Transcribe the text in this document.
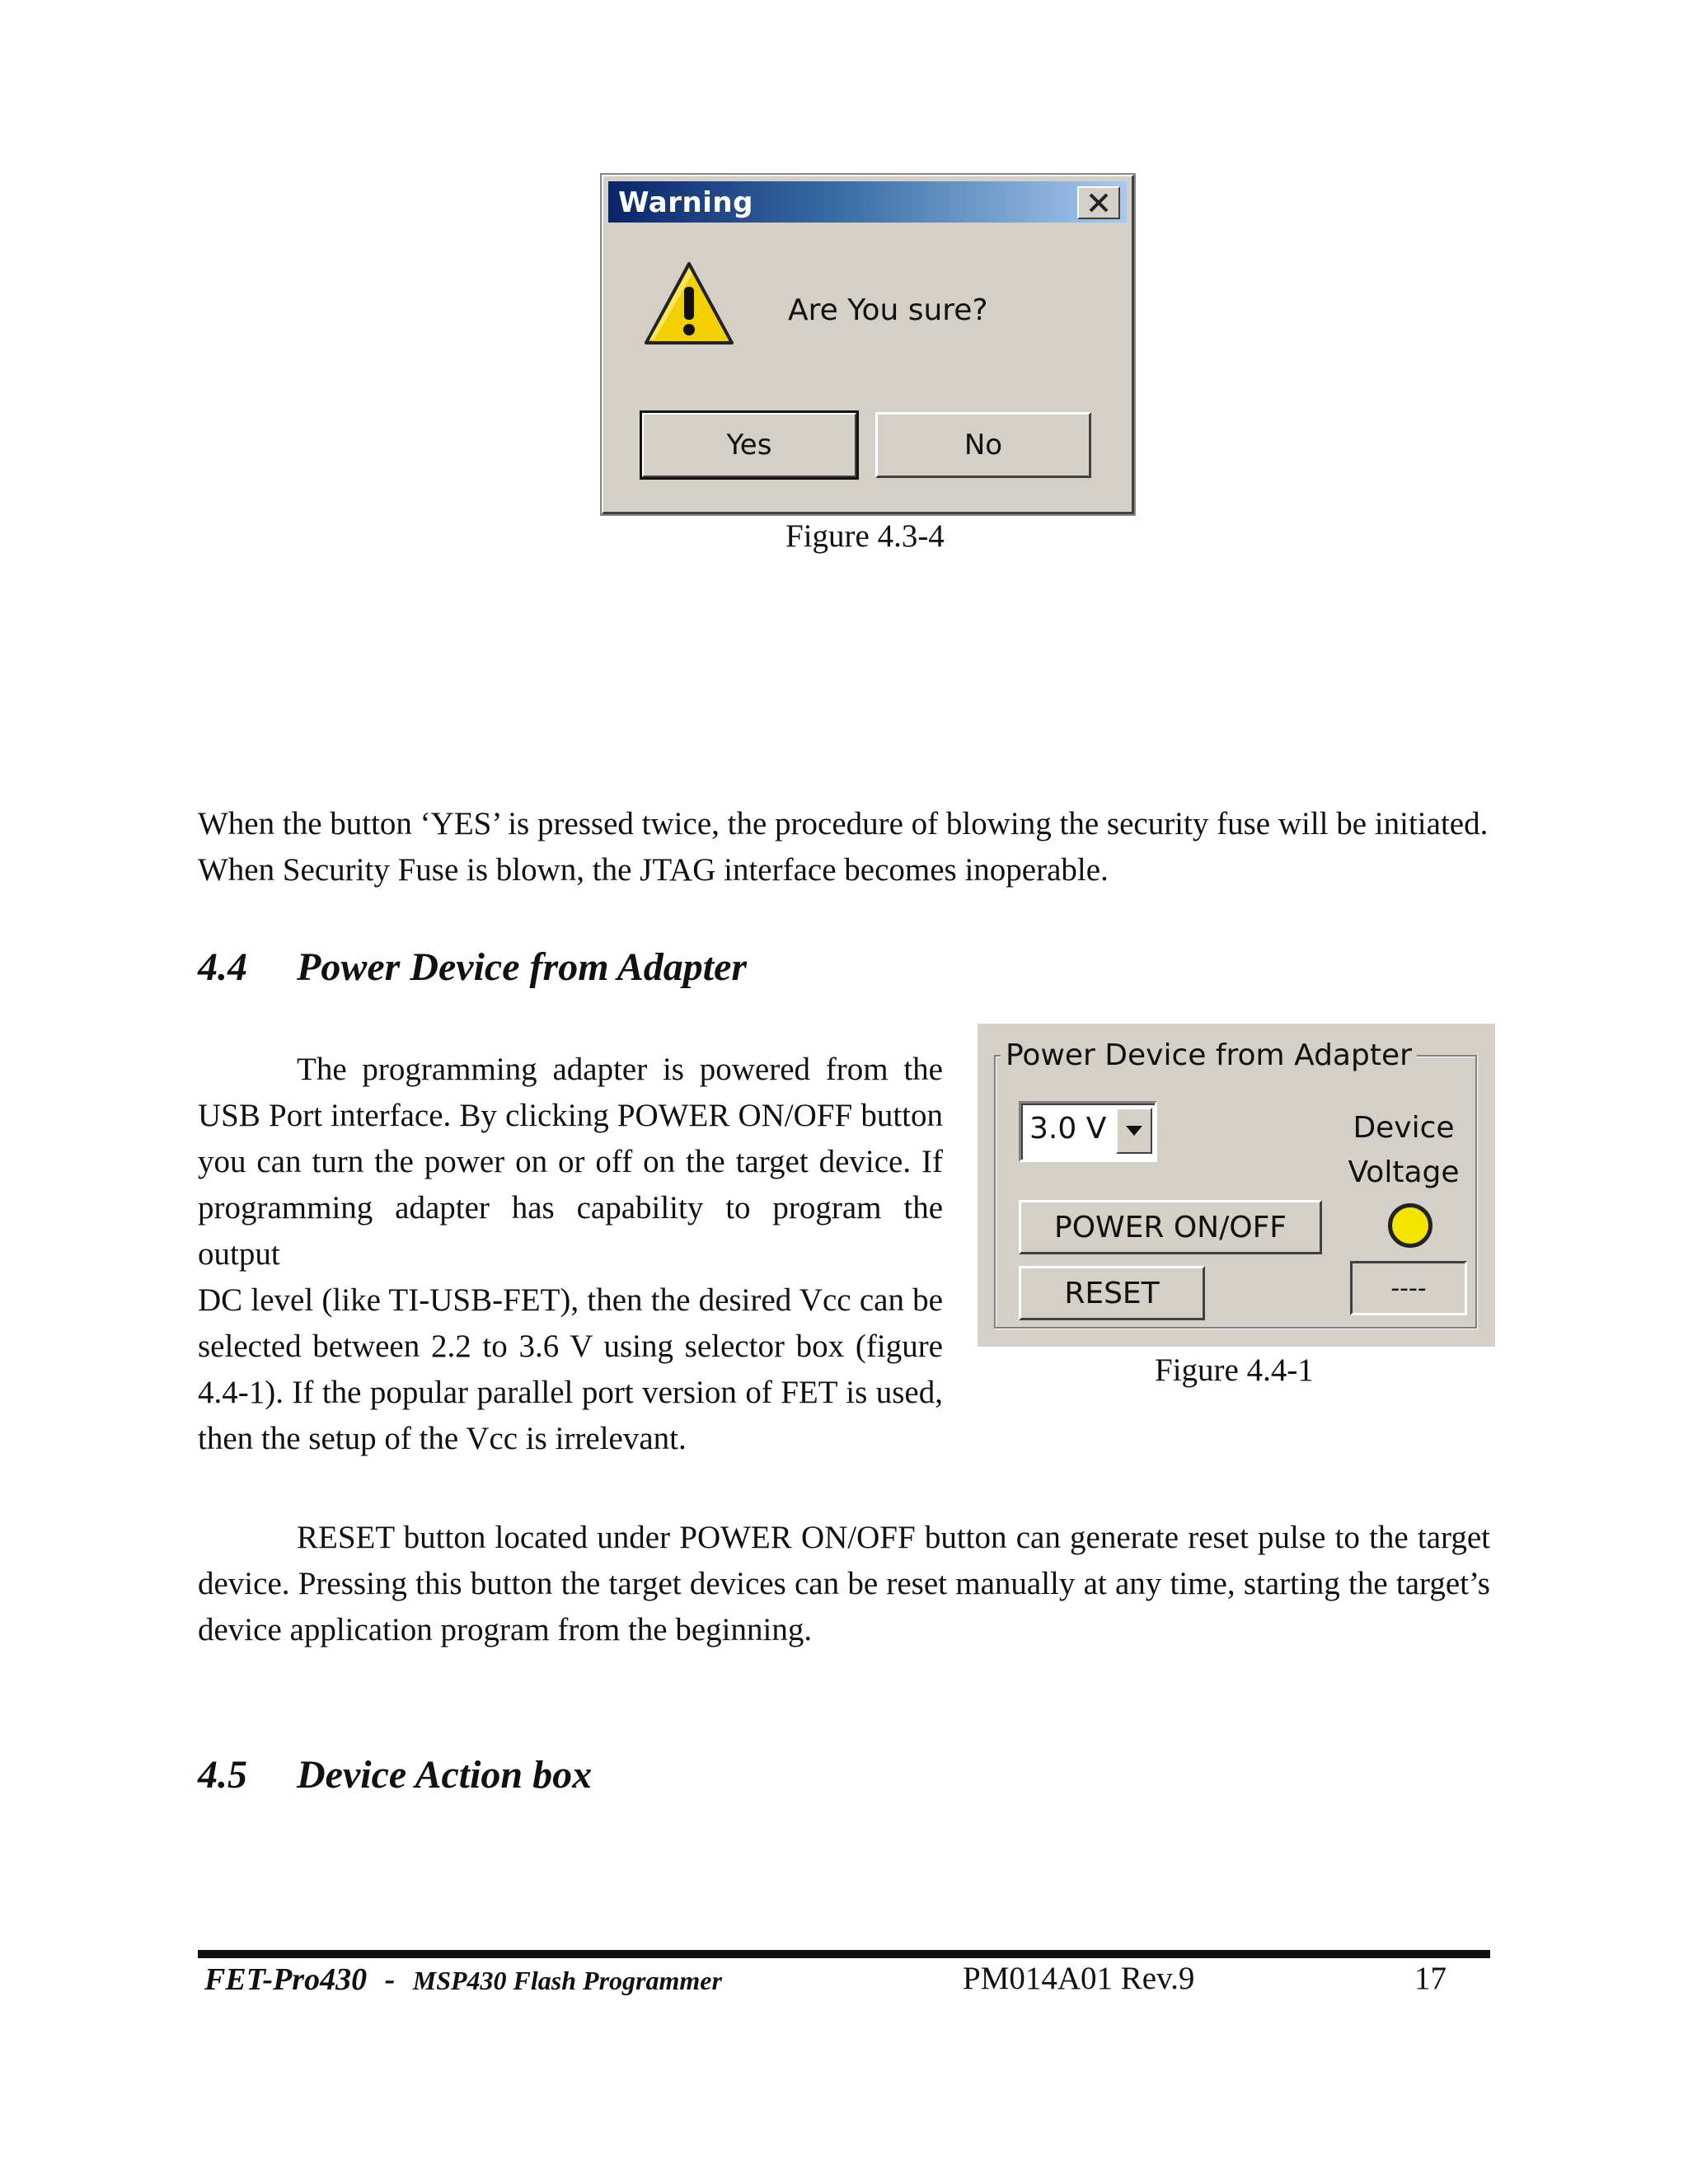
Warning
Are You sure?
Yes	No
Figure 4.3-4
When the button ‘YES’ is pressed twice, the procedure of blowing the security fuse will be initiated.
When Security Fuse is blown, the JTAG interface becomes inoperable.
4.4 Power Device from Adapter
The programming adapter is powered from the
USB Port interface. By clicking POWER ON/OFF button
you can turn the power on or off on the target device. If
programming adapter has capability to program the output
DC level (like TI-USB-FET), then the desired Vcc can be
selected between 2.2 to 3.6 V using selector box (figure
4.4-1). If the popular parallel port version of FET is used,
then the setup of the Vcc is irrelevant.
Power Device from Adapter
3.0 V	Device
Voltage
POWER ON/OFF
RESET	----
Figure 4.4-1
RESET button located under POWER ON/OFF button can generate reset pulse to the target
device. Pressing this button the target devices can be reset manually at any time, starting the target’s
device application program from the beginning.
4.5 Device Action box
FET-Pro430 - MSP430 Flash Programmer	PM014A01 Rev.9	17
